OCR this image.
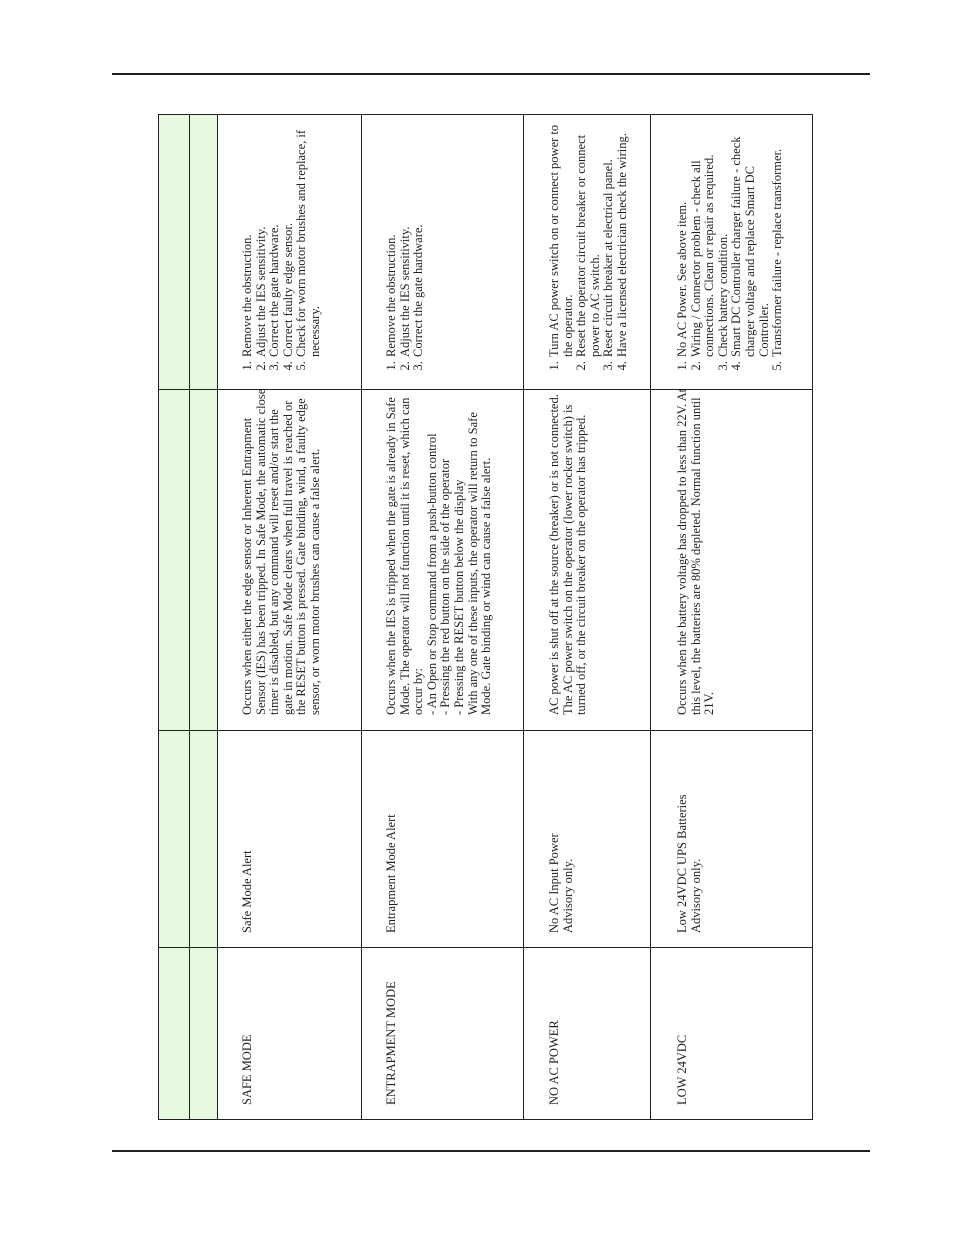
SAFE MODE

Safe Mode Alert

Occurs when either the edge sensor or Inherent Entrapment Sensor (IES) has been tripped. In Safe Mode, the automatic close timer is disabled, but any command will reset and/or start the gate in motion. Safe Mode clears when full travel is reached or the RESET button is pressed. Gate binding, wind, a faulty edge sensor, or worn motor brushes can cause a false alert.

1. Remove the obstruction. 2. Adjust the IES sensitivity. 3. Correct the gate hardware. 4. Correct faulty edge sensor. 5. Check for worn motor brushes and replace, if necessary.
ENTRAPMENT MODE

Entrapment Mode Alert

Occurs when the IES is tripped when the gate is already in Safe Mode. The operator will not function until it is reset, which can occur by: - An Open or Stop command from a push-button control - Pressing the red button on the side of the operator - Pressing the RESET button below the display With any one of these inputs, the operator will return to Safe Mode. Gate binding or wind can cause a false alert.

1. Remove the obstruction. 2. Adjust the IES sensitivity. 3. Correct the gate hardware.
NO AC POWER

No AC Input Power Advisory only.

AC power is shut off at the source (breaker) or is not connected. The AC power switch on the operator (lower rocker switch) is turned off, or the circuit breaker on the operator has tripped.

1. Turn AC power switch on or connect power to the operator. 2. Reset the operator circuit breaker or connect power to AC switch. 3. Reset circuit breaker at electrical panel. 4. Have a licensed electrician check the wiring.
LOW 24VDC

Low 24VDC UPS Batteries Advisory only.

Occurs when the battery voltage has dropped to less than 22V. At this level, the batteries are 80% depleted. Normal function until 21V.

1. No AC Power. See above item. 2. Wiring / Connector problem - check all connections. Clean or repair as required. 3. Check battery condition. 4. Smart DC Controller charger failure - check charger voltage and replace Smart DC Controller. 5. Transformer failure - replace transformer.
